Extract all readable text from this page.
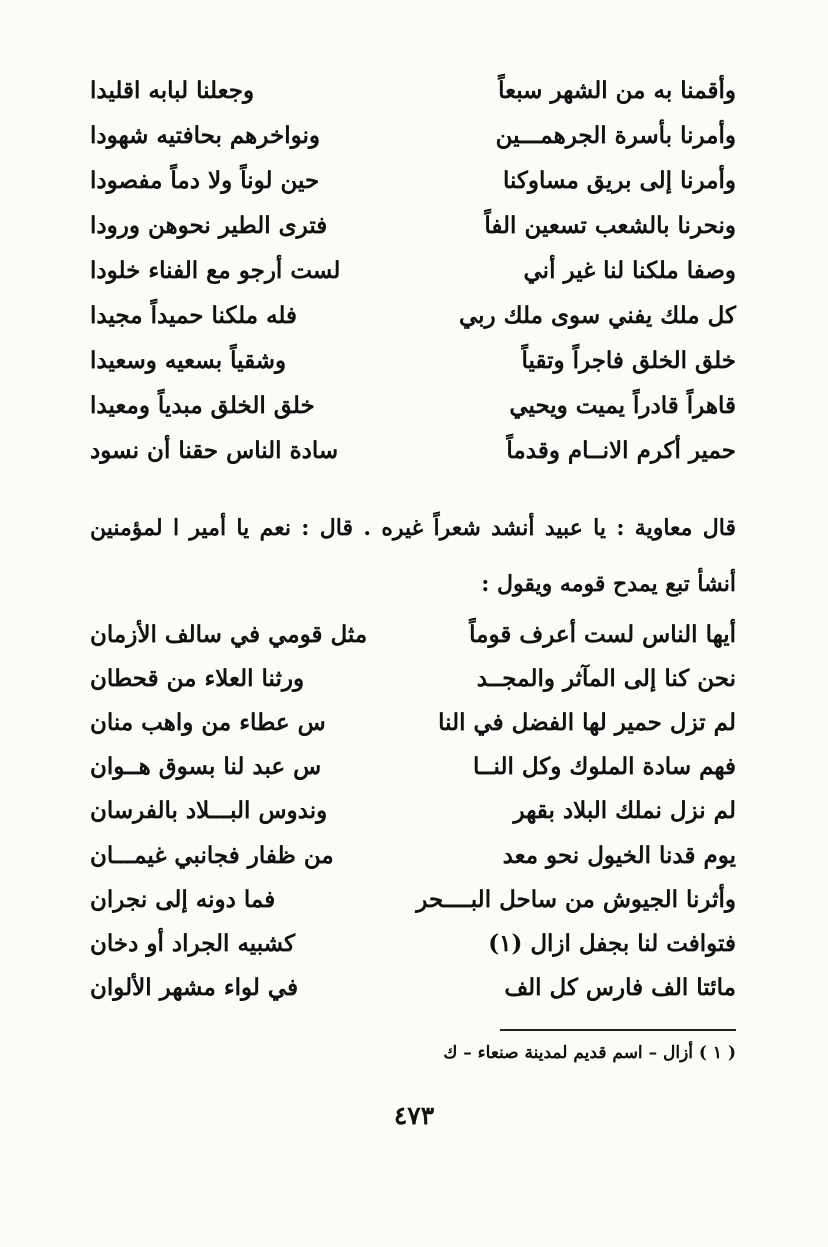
وأقمنا به من الشهر سبعاً
وجعلنا لبابه اقليدا
وأمرنا بأسرة الجرهمـــين
ونواخرهم بحافتيه شهودا
وأمرنا إلى بريق مساوكنا
حين لوناً ولا دماً مفصودا
ونحرنا بالشعب تسعين الفاً
فترى الطير نحوهن ورودا
وصفا ملكنا لنا غير أني
لست أرجو مع الفناء خلودا
كل ملك يفني سوى ملك ربي
فله ملكنا حميداً مجيدا
خلق الخلق فاجراً وتقياً
وشقياً بسعيه وسعيدا
قاهراً قادراً يميت ويحيي
خلق الخلق مبدياً ومعيدا
حمير أكرم الانــام وقدماً
سادة الناس حقنا أن نسود

قال معاوية : يا عبيد أنشد شعراً غيره . قال : نعم يا أمير ا لمؤمنين أنشأ تبع يمدح قومه ويقول :

أيها الناس لست أعرف قوماً
مثل قومي في سالف الأزمان
نحن كنا إلى المآثر والمجــد
ورثنا العلاء من قحطان
لم تزل حمير لها الفضل في النا
س عطاء من واهب منان
فهم سادة الملوك وكل النــا
س عبد لنا بسوق هــوان
لم نزل نملك البلاد بقهر
وندوس البـــلاد بالفرسان
يوم قدنا الخيول نحو معد
من ظفار فجانبي غيمـــان
وأثرنا الجيوش من ساحل البــــحر
فما دونه إلى نجران
فتوافت لنا بجفل ازال (١)
كشبيه الجراد أو دخان
مائتا الف فارس كل الف
في لواء مشهر الألوان
( ١ ) أزال – اسم قديم لمدينة صنعاء – ك
٤٧٣
